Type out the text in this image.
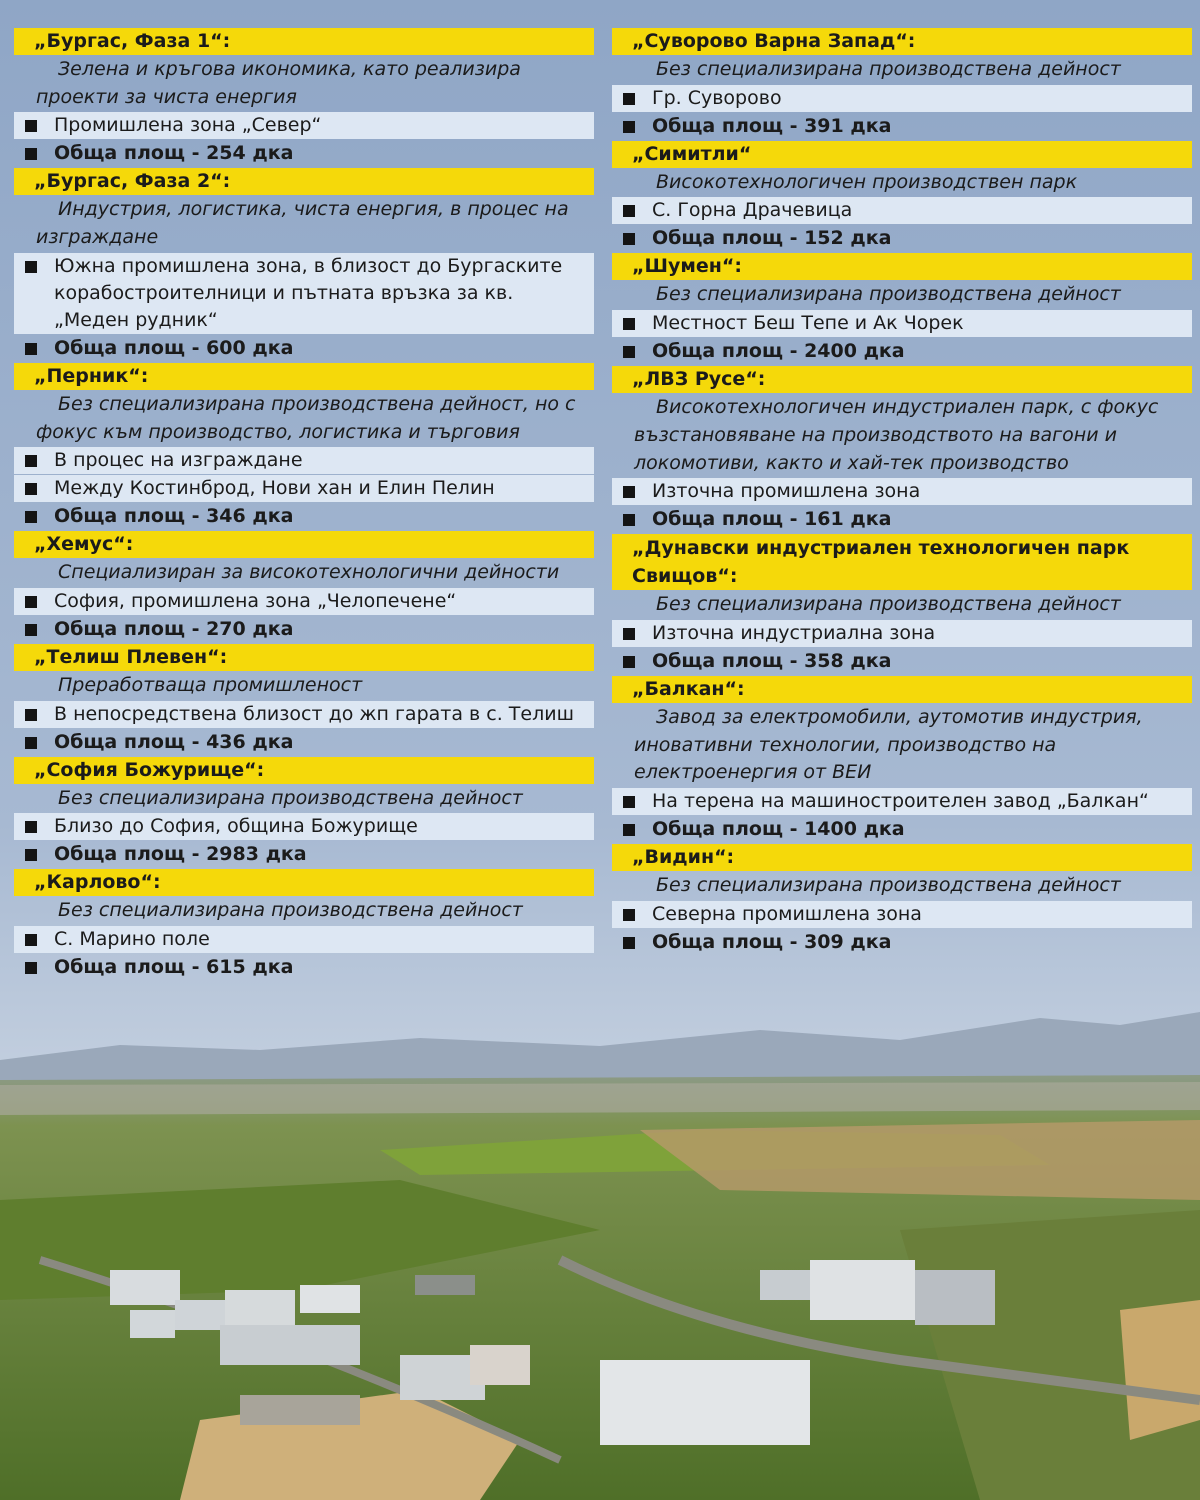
„Бургас, Фаза 1“:
Зелена и кръгова икономика, като реализира проекти за чиста енергия
Промишлена зона „Север“
Обща площ - 254 дка
„Бургас, Фаза 2“:
Индустрия, логистика, чиста енергия, в процес на изграждане
Южна промишлена зона, в близост до Бургаските корабостроителници и пътната връзка за кв. „Меден рудник“
Обща площ - 600 дка
„Перник“:
Без специализирана производствена дейност, но с фокус към производство, логистика и търговия
В процес на изграждане
Между Костинброд, Нови хан и Елин Пелин
Обща площ - 346 дка
„Хемус“:
Специализиран за високотехнологични дейности
София, промишлена зона „Челопечене“
Обща площ - 270 дка
„Телиш Плевен“:
Преработваща промишленост
В непосредствена близост до жп гарата в с. Телиш
Обща площ - 436 дка
„София Божурище“:
Без специализирана производствена дейност
Близо до София, община Божурище
Обща площ - 2983 дка
„Карлово“:
Без специализирана производствена дейност
С. Марино поле
Обща площ - 615 дка
„Суворово Варна Запад“:
Без специализирана производствена дейност
Гр. Суворово
Обща площ - 391 дка
„Симитли“
Високотехнологичен производствен парк
С. Горна Драчевица
Обща площ - 152 дка
„Шумен“:
Без специализирана производствена дейност
Местност Беш Тепе и Ак Чорек
Обща площ - 2400 дка
„ЛВЗ Русе“:
Високотехнологичен индустриален парк, с фокус възстановяване на производството на вагони и локомотиви, както и хай-тек производство
Източна промишлена зона
Обща площ - 161 дка
„Дунавски индустриален технологичен парк Свищов“:
Без специализирана производствена дейност
Източна индустриална зона
Обща площ - 358 дка
„Балкан“:
Завод за електромобили, аутомотив индустрия, иновативни технологии, производство на електроенергия от ВЕИ
На терена на машиностроителен завод „Балкан“
Обща площ - 1400 дка
„Видин“:
Без специализирана производствена дейност
Северна промишлена зона
Обща площ - 309 дка
